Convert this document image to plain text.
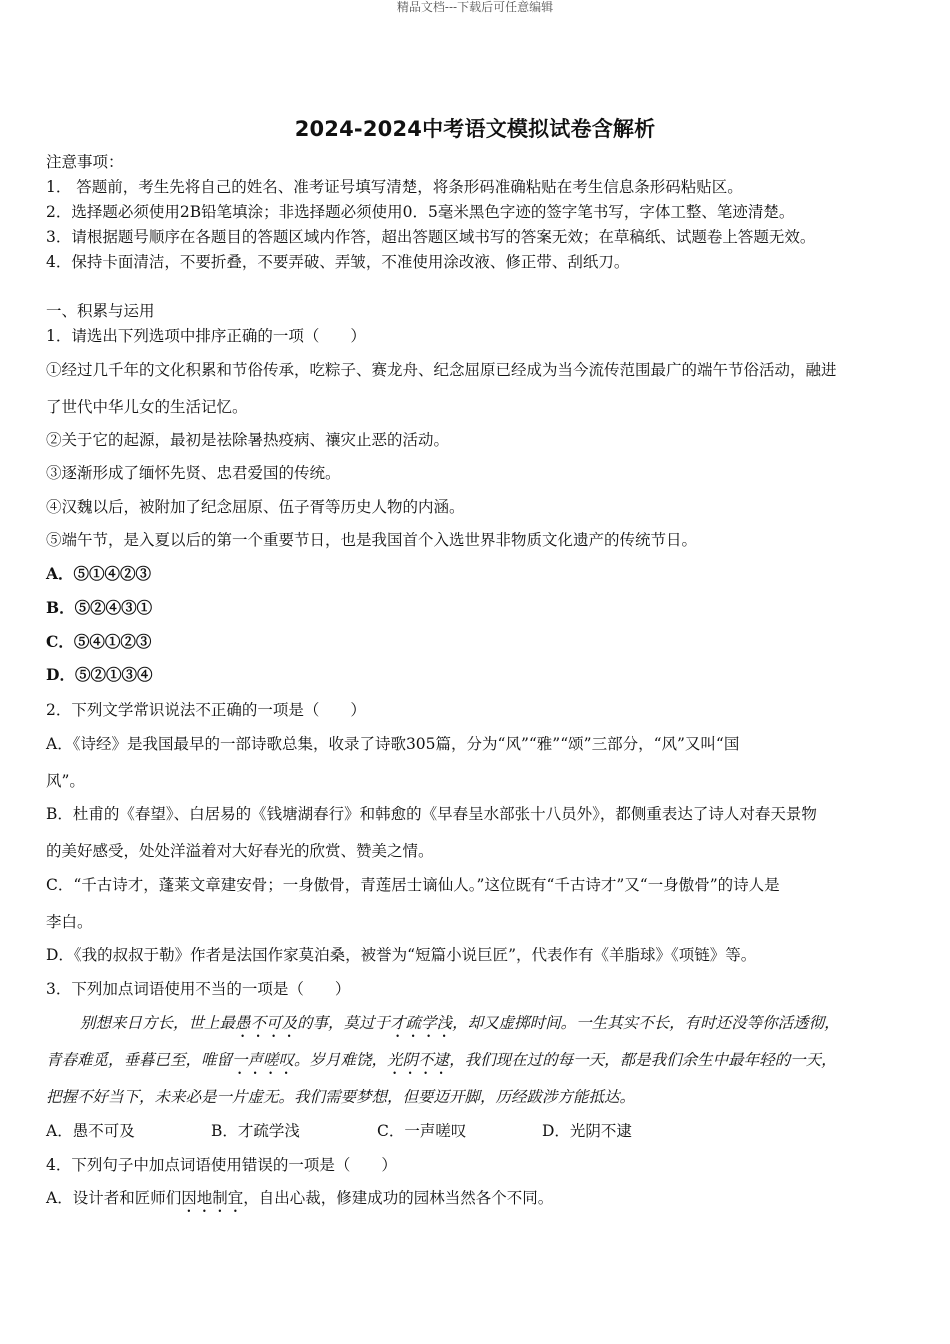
精品文档---下载后可任意编辑
2024-2024中考语文模拟试卷含解析
注意事项：
1． 答题前，考生先将自己的姓名、准考证号填写清楚，将条形码准确粘贴在考生信息条形码粘贴区。
2．选择题必须使用2B铅笔填涂；非选择题必须使用0．5毫米黑色字迹的签字笔书写，字体工整、笔迹清楚。
3．请根据题号顺序在各题目的答题区域内作答，超出答题区域书写的答案无效；在草稿纸、试题卷上答题无效。
4．保持卡面清洁，不要折叠，不要弄破、弄皱，不准使用涂改液、修正带、刮纸刀。
一、积累与运用
1．请选出下列选项中排序正确的一项（　　）
①经过几千年的文化积累和节俗传承，吃粽子、赛龙舟、纪念屈原已经成为当今流传范围最广的端午节俗活动，融进
了世代中华儿女的生活记忆。
②关于它的起源，最初是祛除暑热疫病、禳灾止恶的活动。
③逐渐形成了缅怀先贤、忠君爱国的传统。
④汉魏以后，被附加了纪念屈原、伍子胥等历史人物的内涵。
⑤端午节，是入夏以后的第一个重要节日，也是我国首个入选世界非物质文化遗产的传统节日。
A．⑤①④②③
B．⑤②④③①
C．⑤④①②③
D．⑤②①③④
2．下列文学常识说法不正确的一项是（　　）
A．《诗经》是我国最早的一部诗歌总集，收录了诗歌305篇，分为“风”“雅”“颂”三部分，“风”又叫“国
风”。
B．杜甫的《春望》、白居易的《钱塘湖春行》和韩愈的《早春呈水部张十八员外》，都侧重表达了诗人对春天景物
的美好感受，处处洋溢着对大好春光的欣赏、赞美之情。
C．“千古诗才，蓬莱文章建安骨；一身傲骨，青莲居士谪仙人。”这位既有“千古诗才”又“一身傲骨”的诗人是
李白。
D．《我的叔叔于勒》作者是法国作家莫泊桑，被誉为“短篇小说巨匠”，代表作有《羊脂球》《项链》等。
3．下列加点词语使用不当的一项是（　　）
别想来日方长，世上最愚不可及的事，莫过于才疏学浅，却又虚掷时间。一生其实不长，有时还没等你活透彻，
青春难觅，垂暮已至，唯留一声嗟叹。岁月难饶，光阴不逮，我们现在过的每一天，都是我们余生中最年轻的一天，
把握不好当下，未来必是一片虚无。我们需要梦想，但要迈开脚，历经跋涉方能抵达。
A．愚不可及	B．才疏学浅	C．一声嗟叹	D．光阴不逮
4．下列句子中加点词语使用错误的一项是（　　）
A．设计者和匠师们因地制宜，自出心裁，修建成功的园林当然各个不同。
